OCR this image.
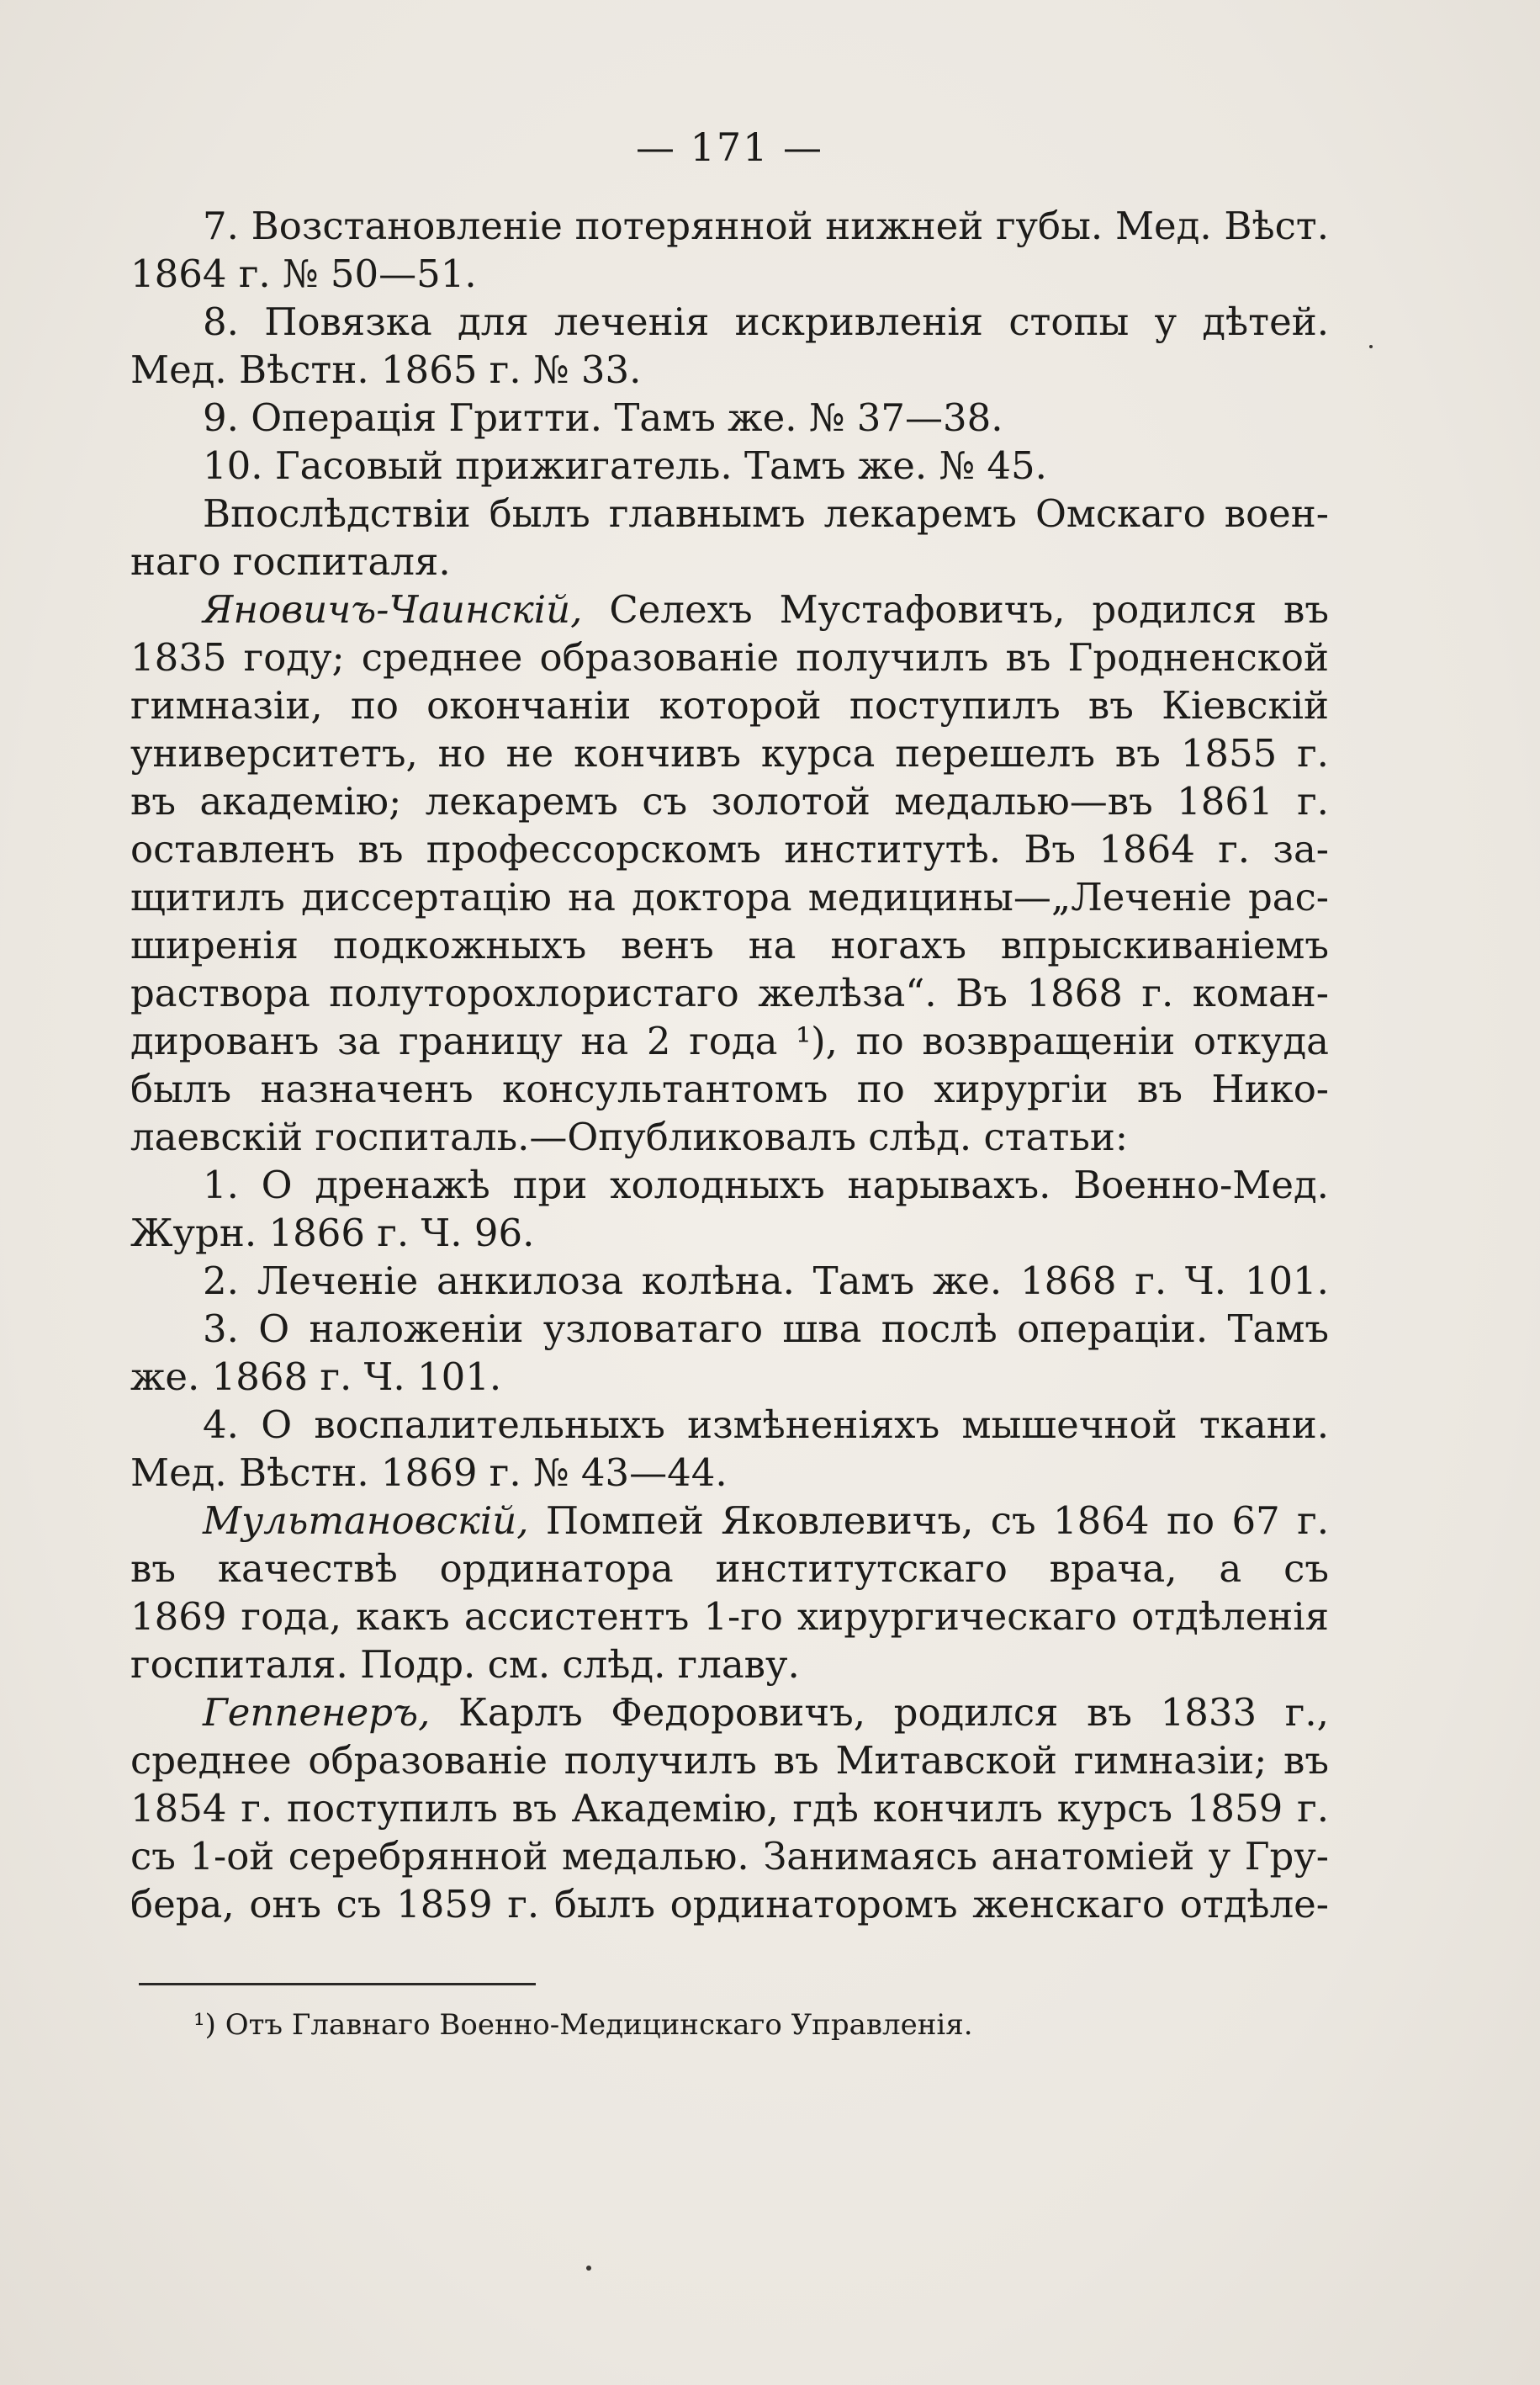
— 171 —
7. Возстановленіе потерянной нижней губы. Мед. Вѣст.
1864 г. № 50—51.
8. Повязка для леченія искривленія стопы у дѣтей.
Мед. Вѣстн. 1865 г. № 33.
9. Операція Гритти. Тамъ же. № 37—38.
10. Гасовый прижигатель. Тамъ же. № 45.
Впослѣдствіи былъ главнымъ лекаремъ Омскаго воен-
наго госпиталя.
Яновичъ-Чаинскій, Селехъ Мустафовичъ, родился въ
1835 году; среднее образованіе получилъ въ Гродненской
гимназіи, по окончаніи которой поступилъ въ Кіевскій
университетъ, но не кончивъ курса перешелъ въ 1855 г.
въ академію; лекаремъ съ золотой медалью—въ 1861 г.
оставленъ въ профессорскомъ институтѣ. Въ 1864 г. за-
щитилъ диссертацію на доктора медицины—„Леченіе рас-
ширенія подкожныхъ венъ на ногахъ впрыскиваніемъ
раствора полуторохлористаго желѣза“. Въ 1868 г. коман-
дированъ за границу на 2 года ¹), по возвращеніи откуда
былъ назначенъ консультантомъ по хирургіи въ Нико-
лаевскій госпиталь.—Опубликовалъ слѣд. статьи:
1. О дренажѣ при холодныхъ нарывахъ. Военно-Мед.
Журн. 1866 г. Ч. 96.
2. Леченіе анкилоза колѣна. Тамъ же. 1868 г. Ч. 101.
3. О наложеніи узловатаго шва послѣ операціи. Тамъ
же. 1868 г. Ч. 101.
4. О воспалительныхъ измѣненіяхъ мышечной ткани.
Мед. Вѣстн. 1869 г. № 43—44.
Мультановскій, Помпей Яковлевичъ, съ 1864 по 67 г.
въ качествѣ ординатора институтскаго врача, а съ
1869 года, какъ ассистентъ 1-го хирургическаго отдѣленія
госпиталя. Подр. см. слѣд. главу.
Геппенеръ, Карлъ Федоровичъ, родился въ 1833 г.,
среднее образованіе получилъ въ Митавской гимназіи; въ
1854 г. поступилъ въ Академію, гдѣ кончилъ курсъ 1859 г.
съ 1-ой серебрянной медалью. Занимаясь анатоміей у Гру-
бера, онъ съ 1859 г. былъ ординаторомъ женскаго отдѣле-
¹) Отъ Главнаго Военно-Медицинскаго Управленія.
